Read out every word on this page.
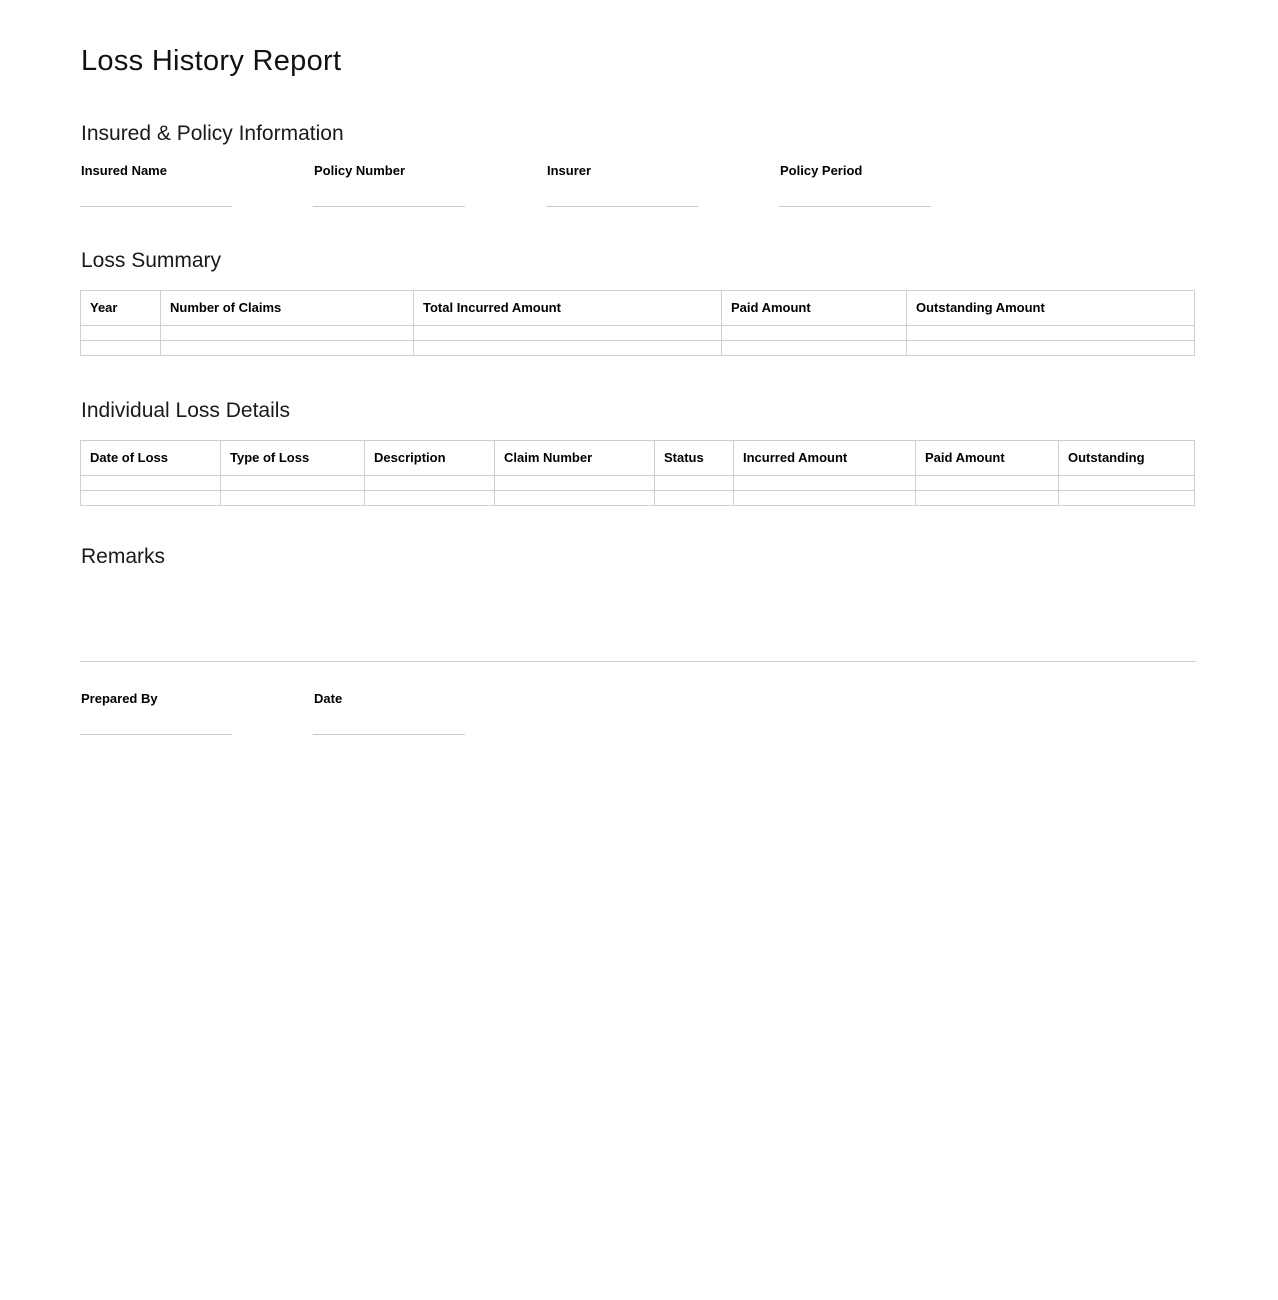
Loss History Report
Insured & Policy Information
Insured Name	Policy Number	Insurer	Policy Period
Loss Summary
Year	Number of Claims	Total Incurred Amount	Paid Amount	Outstanding Amount

Individual Loss Details
Date of Loss	Type of Loss	Description	Claim Number	Status	Incurred Amount	Paid Amount	Outstanding

Remarks
Prepared By	Date
